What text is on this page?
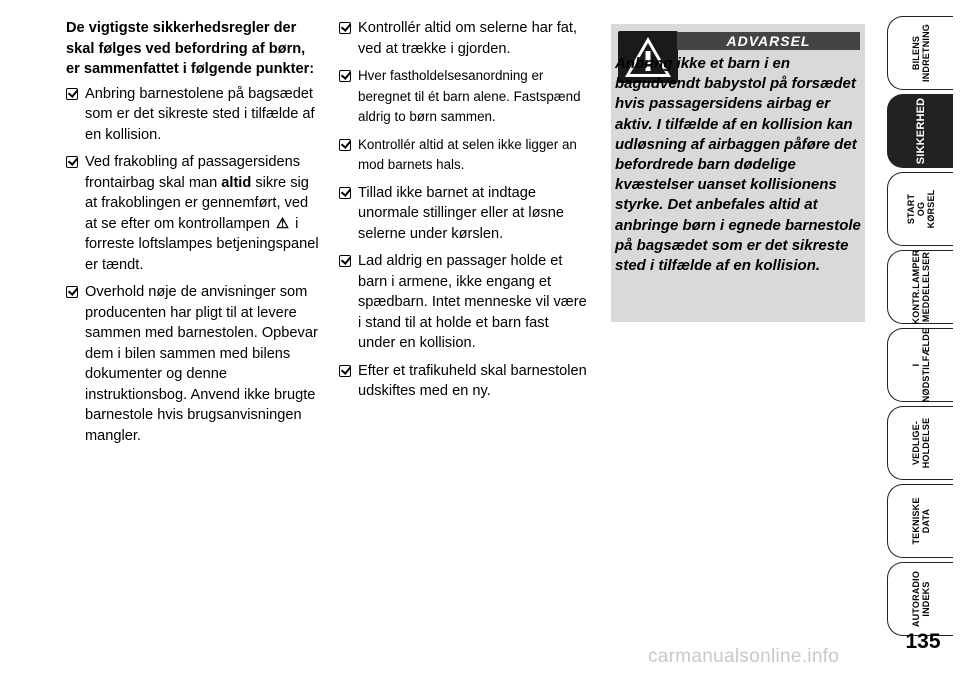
De vigtigste sikkerhedsregler der skal følges ved befordring af børn, er sammenfattet i følgende punkter:

Anbring barnestolene på bagsædet som er det sikreste sted i tilfælde af en kollision.
Ved frakobling af passagersidens frontairbag skal man altid sikre sig at frakoblingen er gennemført, ved at se efter om kontrollampen ⚠ i forreste loftslampes betjeningspanel er tændt.
Overhold nøje de anvisninger som producenten har pligt til at levere sammen med barnestolen. Opbevar dem i bilen sammen med bilens dokumenter og denne instruktionsbog. Anvend ikke brugte barnestole hvis brugsanvisningen mangler.
Kontrollér altid om selerne har fat, ved at trække i gjorden.
Hver fastholdelsesanordning er beregnet til ét barn alene. Fastspænd aldrig to børn sammen.
Kontrollér altid at selen ikke ligger an mod barnets hals.
Tillad ikke barnet at indtage unormale stillinger eller at løsne selerne under kørslen.
Lad aldrig en passager holde et barn i armene, ikke engang et spædbarn. Intet menneske vil være i stand til at holde et barn fast under en kollision.
Efter et trafikuheld skal barnestolen udskiftes med en ny.
ADVARSEL
Anbring ikke et barn i en bagudvendt babystol på forsædet hvis passagersidens airbag er aktiv. I tilfælde af en kollision kan udløsning af airbaggen påføre det befordrede barn dødelige kvæstelser uanset kollisionens styrke. Det anbefales altid at anbringe børn i egnede barnestole på bagsædet som er det sikreste sted i tilfælde af en kollision.
BILENS
INDRETNING
SIKKERHED
START OG
KØRSEL
KONTR.LAMPER
MEDDELELSER
I NØDSTILFÆLDE
VEDLIGE-
HOLDELSE
TEKNISKE DATA
AUTORADIO
INDEKS
135
carmanualsonline.info
